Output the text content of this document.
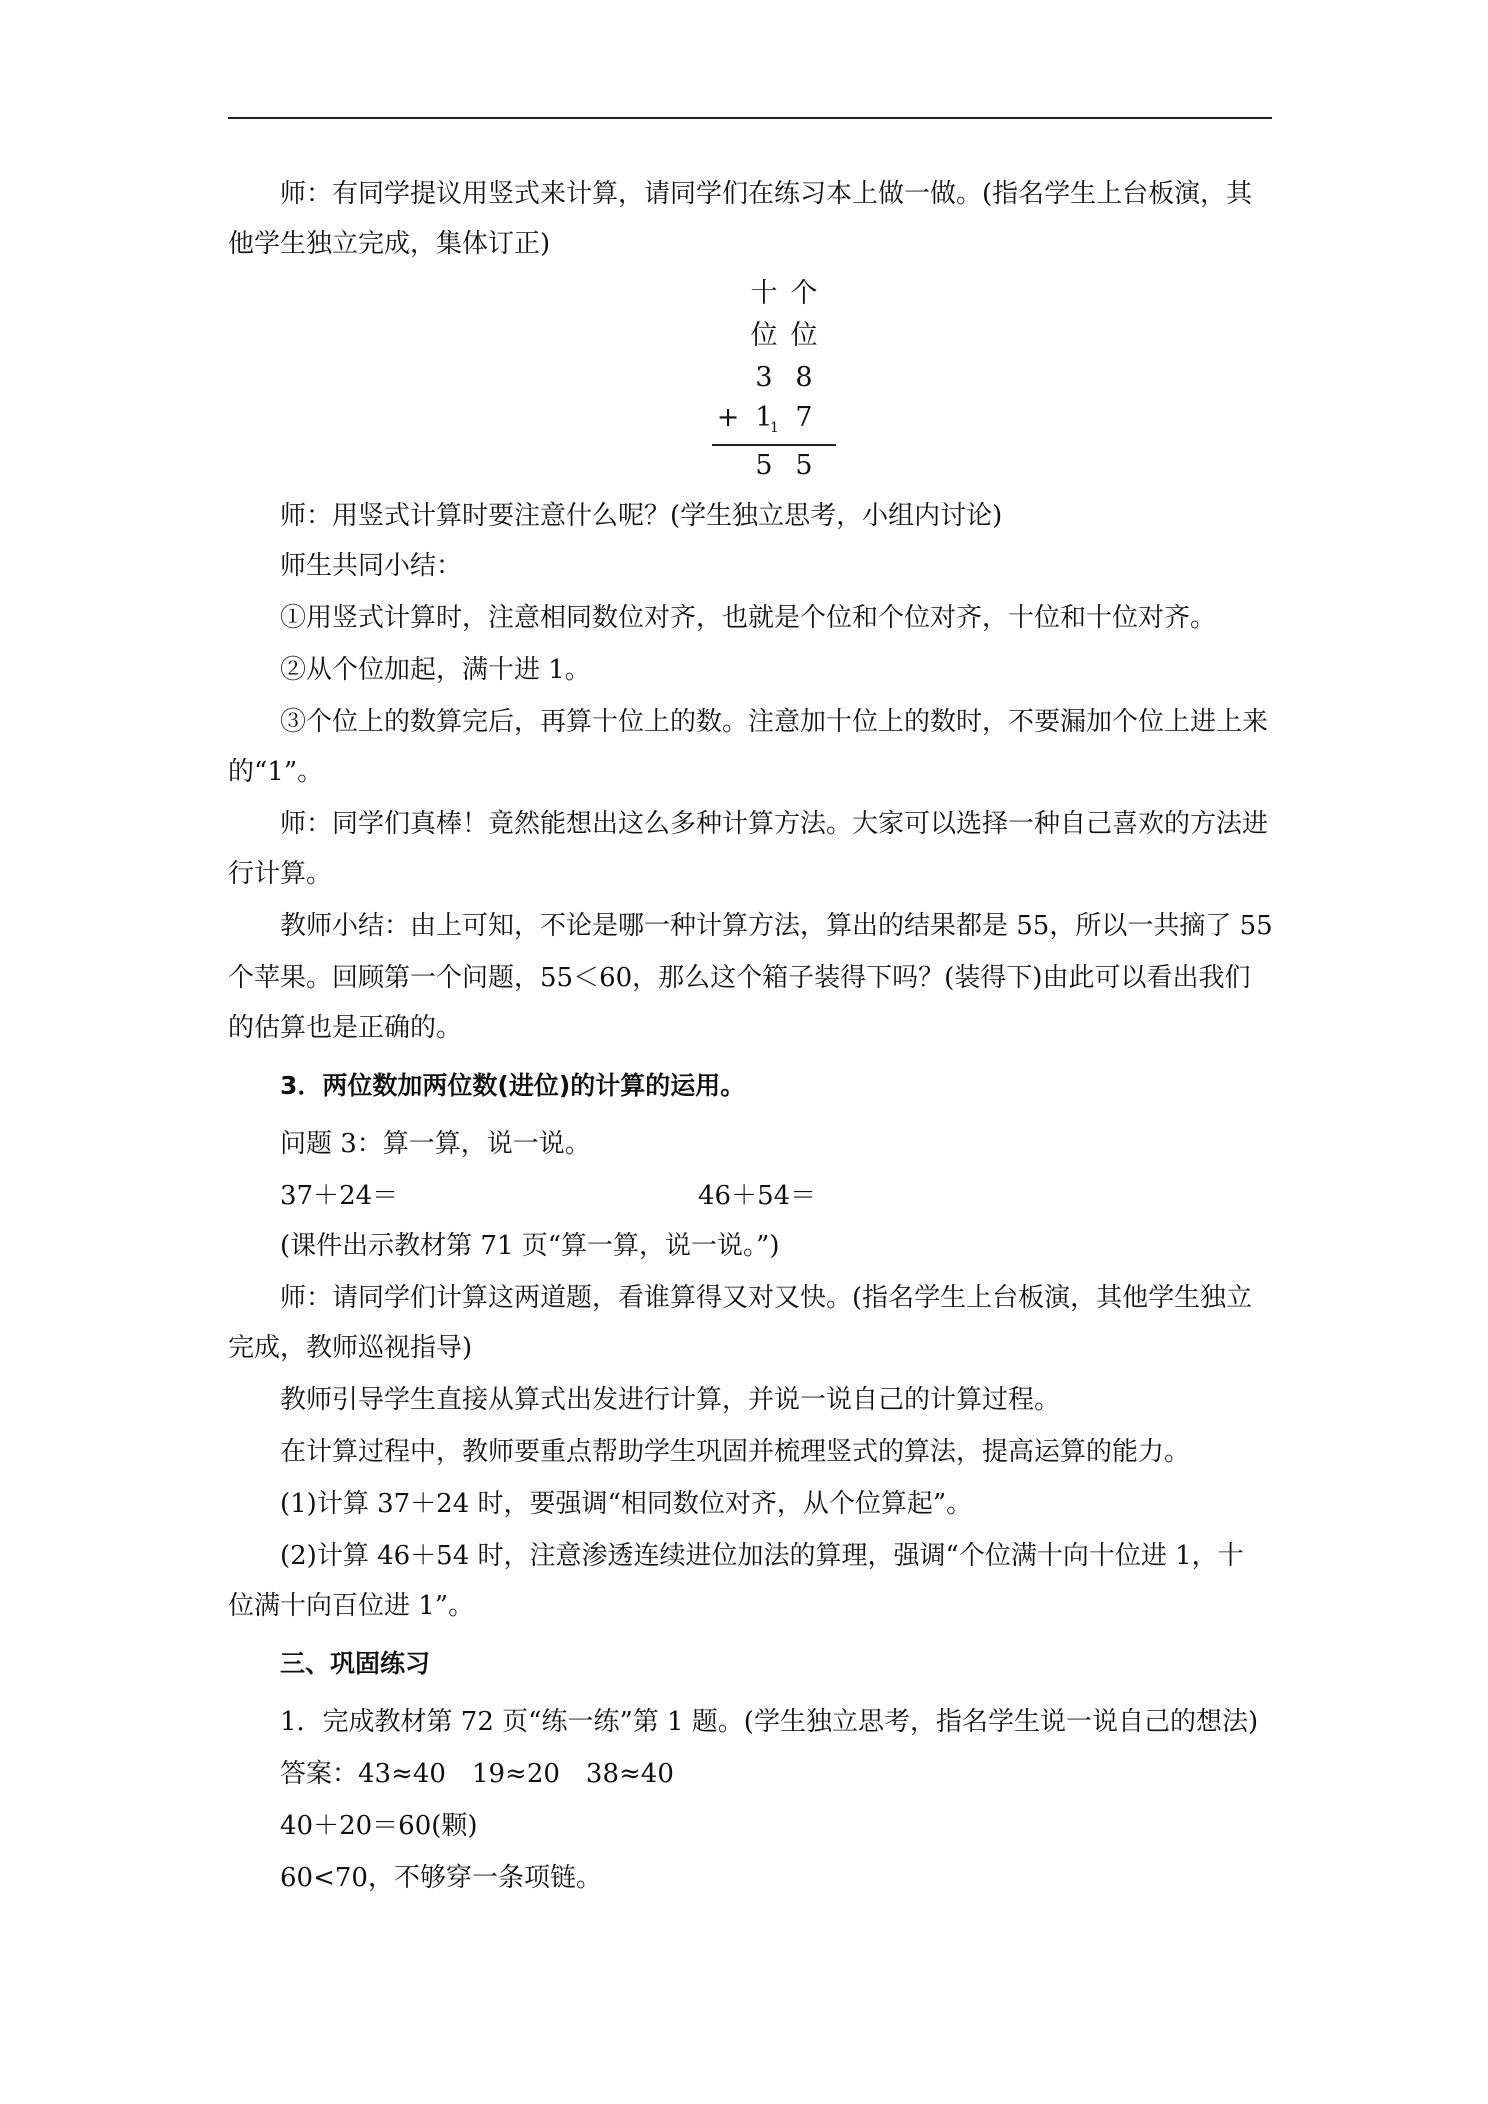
师：有同学提议用竖式来计算，请同学们在练习本上做一做。(指名学生上台板演，其
他学生独立完成，集体订正)
十 个
位 位
3 8
+ 1
1 7
5 5
师：用竖式计算时要注意什么呢？(学生独立思考，小组内讨论)
师生共同小结：
①用竖式计算时，注意相同数位对齐，也就是个位和个位对齐，十位和十位对齐。
②从个位加起，满十进 1。
③个位上的数算完后，再算十位上的数。注意加十位上的数时，不要漏加个位上进上来
的“1”。
师：同学们真棒！竟然能想出这么多种计算方法。大家可以选择一种自己喜欢的方法进
行计算。
教师小结：由上可知，不论是哪一种计算方法，算出的结果都是 55，所以一共摘了 55
个苹果。回顾第一个问题，55＜60，那么这个箱子装得下吗？(装得下)由此可以看出我们
的估算也是正确的。
3．两位数加两位数(进位)的计算的运用。
问题 3：算一算，说一说。
37＋24＝	46＋54＝
(课件出示教材第 71 页“算一算，说一说。”)
师：请同学们计算这两道题，看谁算得又对又快。(指名学生上台板演，其他学生独立
完成，教师巡视指导)
教师引导学生直接从算式出发进行计算，并说一说自己的计算过程。
在计算过程中，教师要重点帮助学生巩固并梳理竖式的算法，提高运算的能力。
(1)计算 37＋24 时，要强调“相同数位对齐，从个位算起”。
(2)计算 46＋54 时，注意渗透连续进位加法的算理，强调“个位满十向十位进 1，十
位满十向百位进 1”。
三、巩固练习
1．完成教材第 72 页“练一练”第 1 题。(学生独立思考，指名学生说一说自己的想法)
答案：43≈40　19≈20　38≈40
40＋20＝60(颗)
60<70，不够穿一条项链。
